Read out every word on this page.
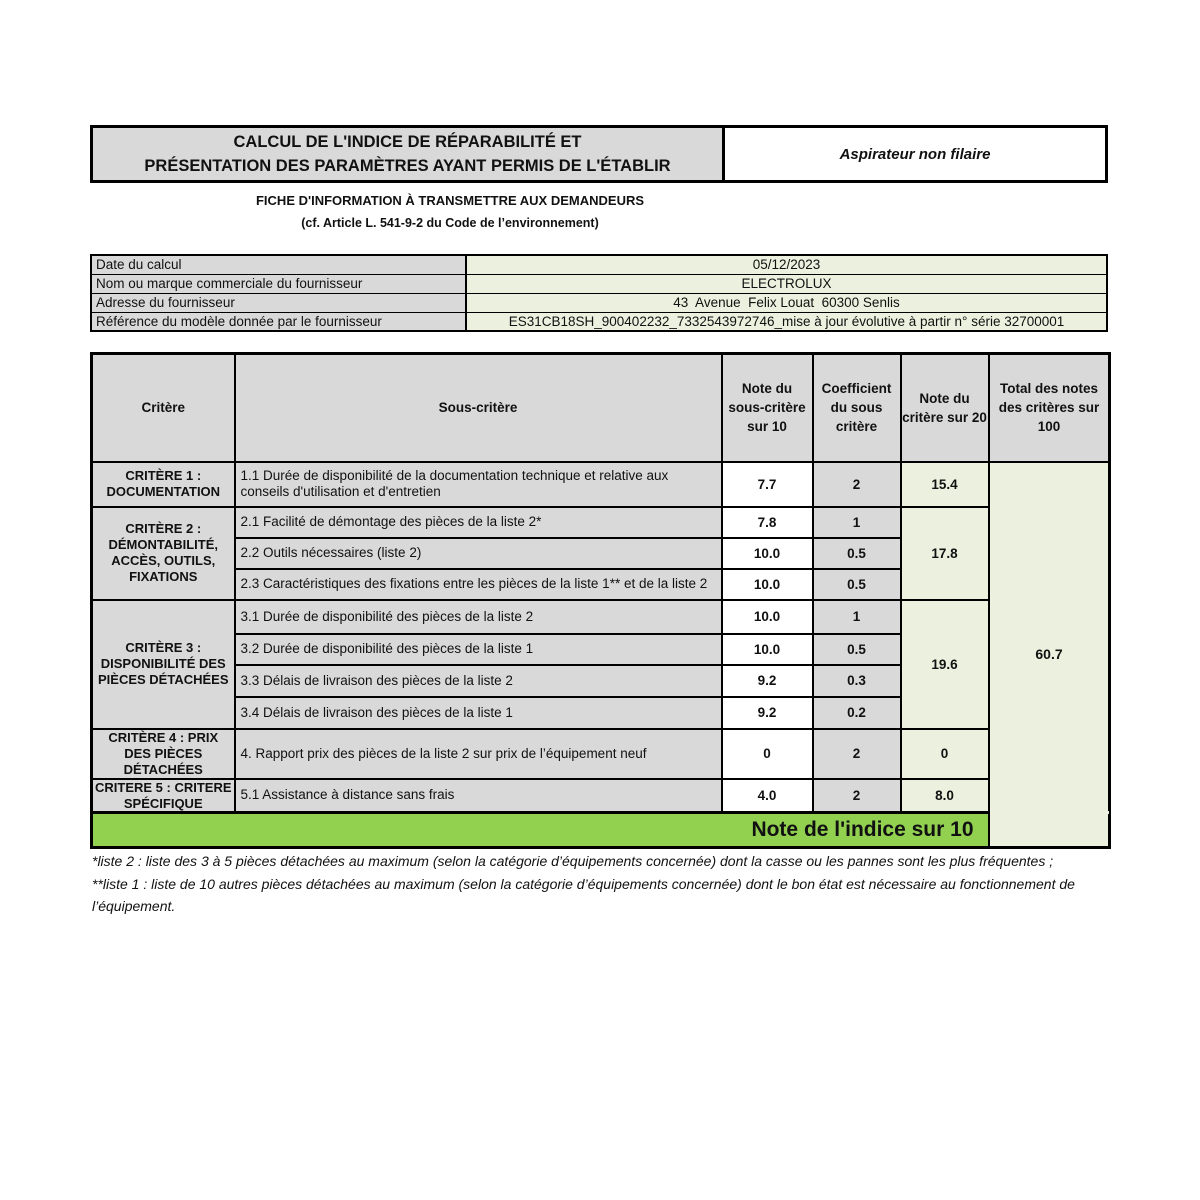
CALCUL DE L'INDICE DE RÉPARABILITÉ ET
PRÉSENTATION DES PARAMÈTRES AYANT PERMIS DE L'ÉTABLIR
Aspirateur non filaire
FICHE D'INFORMATION À TRANSMETTRE AUX DEMANDEURS
(cf. Article L. 541-9-2 du Code de l’environnement)
Date du calcul	05/12/2023
Nom ou marque commerciale du fournisseur	ELECTROLUX
Adresse du fournisseur	43  Avenue  Felix Louat  60300 Senlis
Référence du modèle donnée par le fournisseur	ES31CB18SH_900402232_7332543972746_mise à jour évolutive à partir n° série 32700001
Critère	Sous-critère	Note du sous-critère sur 10	Coefficient du sous critère	Note du critère sur 20	Total des notes des critères sur 100	

CRITÈRE 1 : DOCUMENTATION	1.1 Durée de disponibilité de la documentation technique et relative aux conseils d'utilisation et d'entretien	7.7	2	15.4	60.7	

CRITÈRE 2 : DÉMONTABILITÉ, ACCÈS, OUTILS, FIXATIONS	2.1 Facilité de démontage des pièces de la liste 2*	7.8	1	17.8		
	2.2 Outils nécessaires (liste 2)	10.0	0.5			
	2.3 Caractéristiques des fixations entre les pièces de la liste 1** et de la liste 2	10.0	0.5			

CRITÈRE 3 : DISPONIBILITÉ DES PIÈCES DÉTACHÉES	3.1 Durée de disponibilité des pièces de la liste 2	10.0	1	19.6		
	3.2 Durée de disponibilité des pièces de la liste 1	10.0	0.5			
	3.3 Délais de livraison des pièces de la liste 2	9.2	0.3			
	3.4 Délais de livraison des pièces de la liste 1	9.2	0.2			

CRITÈRE 4 : PRIX DES PIÈCES DÉTACHÉES	4. Rapport prix des pièces de la liste 2 sur prix de l’équipement neuf	0	2	0		

CRITERE 5 : CRITERE SPÉCIFIQUE	5.1 Assistance à distance sans frais	4.0	2	8.0		
Note de l'indice sur 10	
*liste 2 : liste des 3 à 5 pièces détachées au maximum (selon la catégorie d’équipements concernée) dont la casse ou les pannes sont les plus fréquentes ;
**liste 1 : liste de 10 autres pièces détachées au maximum (selon la catégorie d’équipements concernée) dont le bon état est nécessaire au fonctionnement de l’équipement.
